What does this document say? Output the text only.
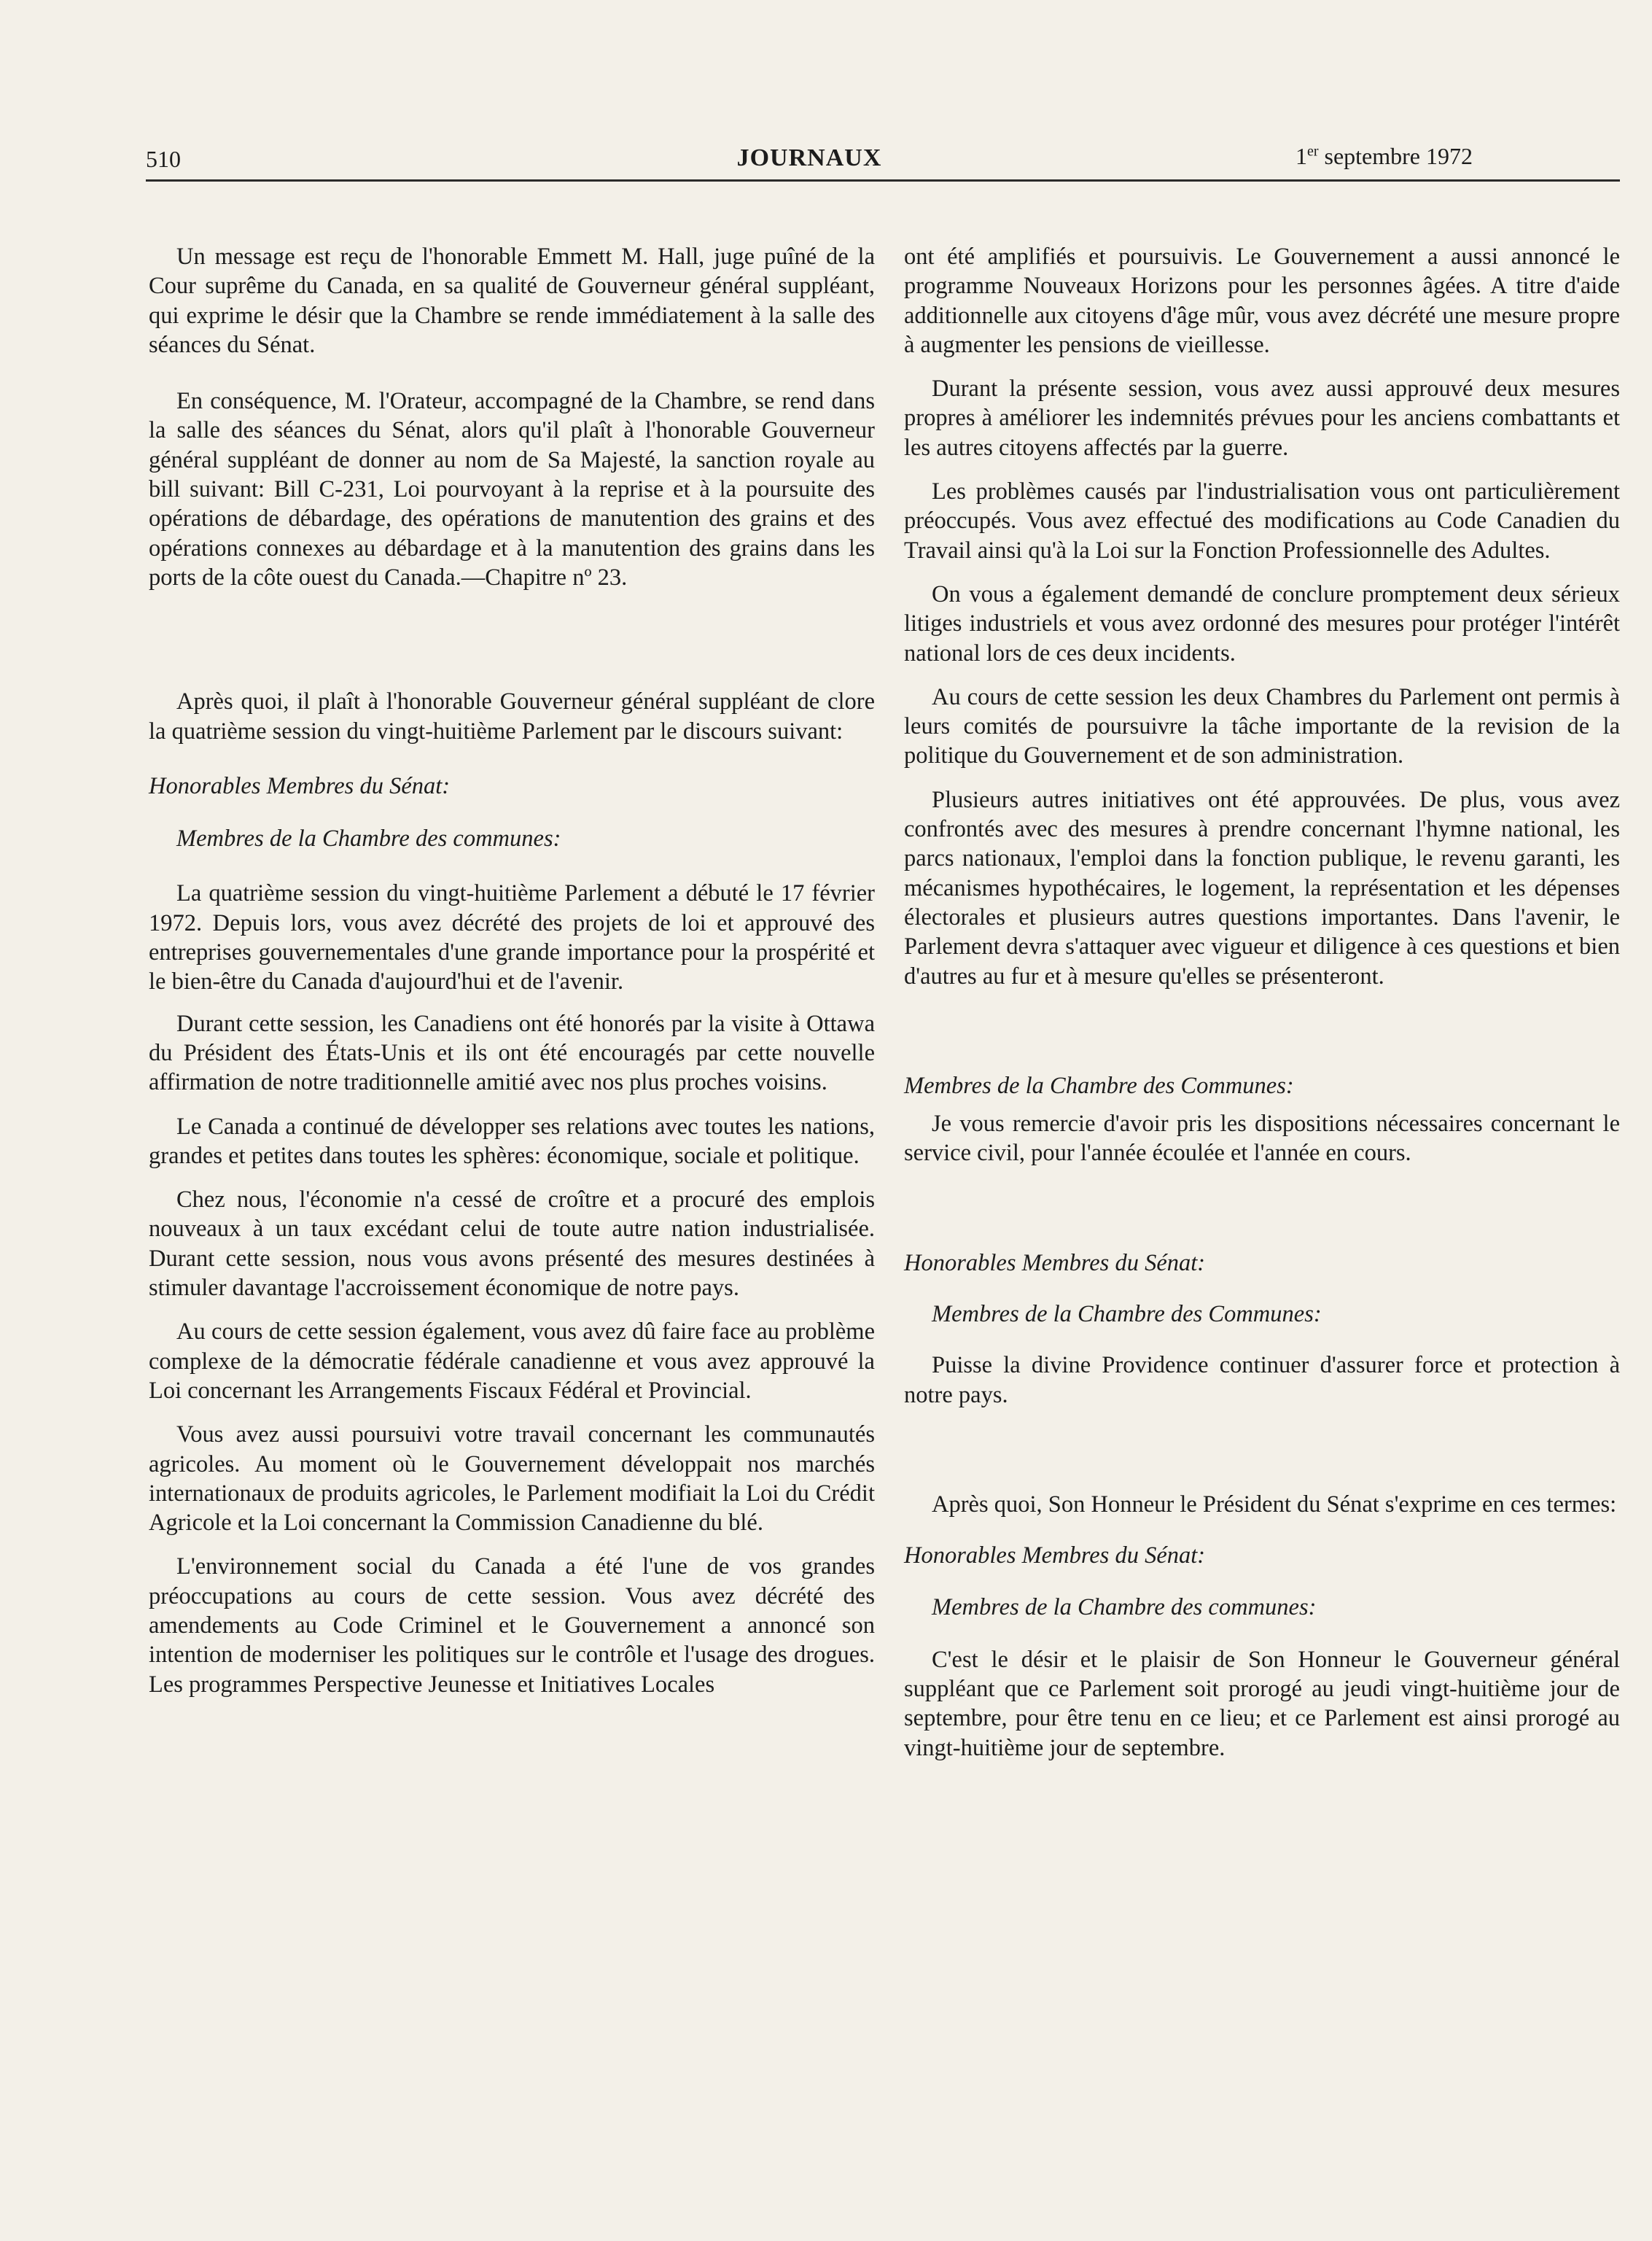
510	JOURNAUX	1er septembre 1972

Un message est reçu de l'honorable Emmett M. Hall, juge puîné de la Cour suprême du Canada, en sa qualité de Gouverneur général suppléant, qui exprime le désir que la Chambre se rende immédiatement à la salle des séances du Sénat.

En conséquence, M. l'Orateur, accompagné de la Chambre, se rend dans la salle des séances du Sénat, alors qu'il plaît à l'honorable Gouverneur général suppléant de donner au nom de Sa Majesté, la sanction royale au bill suivant: Bill C-231, Loi pourvoyant à la reprise et à la poursuite des opérations de débardage, des opérations de manutention des grains et des opérations connexes au débardage et à la manutention des grains dans les ports de la côte ouest du Canada.—Chapitre nº 23.

Après quoi, il plaît à l'honorable Gouverneur général suppléant de clore la quatrième session du vingt-huitième Parlement par le discours suivant:

Honorables Membres du Sénat:

Membres de la Chambre des communes:

La quatrième session du vingt-huitième Parlement a débuté le 17 février 1972. Depuis lors, vous avez décrété des projets de loi et approuvé des entreprises gouvernementales d'une grande importance pour la prospérité et le bien-être du Canada d'aujourd'hui et de l'avenir.

Durant cette session, les Canadiens ont été honorés par la visite à Ottawa du Président des États-Unis et ils ont été encouragés par cette nouvelle affirmation de notre traditionnelle amitié avec nos plus proches voisins.

Le Canada a continué de développer ses relations avec toutes les nations, grandes et petites dans toutes les sphères: économique, sociale et politique.

Chez nous, l'économie n'a cessé de croître et a procuré des emplois nouveaux à un taux excédant celui de toute autre nation industrialisée. Durant cette session, nous vous avons présenté des mesures destinées à stimuler davantage l'accroissement économique de notre pays.

Au cours de cette session également, vous avez dû faire face au problème complexe de la démocratie fédérale canadienne et vous avez approuvé la Loi concernant les Arrangements Fiscaux Fédéral et Provincial.

Vous avez aussi poursuivi votre travail concernant les communautés agricoles. Au moment où le Gouvernement développait nos marchés internationaux de produits agricoles, le Parlement modifiait la Loi du Crédit Agricole et la Loi concernant la Commission Canadienne du blé.

L'environnement social du Canada a été l'une de vos grandes préoccupations au cours de cette session. Vous avez décrété des amendements au Code Criminel et le Gouvernement a annoncé son intention de moderniser les politiques sur le contrôle et l'usage des drogues. Les programmes Perspective Jeunesse et Initiatives Locales

ont été amplifiés et poursuivis. Le Gouvernement a aussi annoncé le programme Nouveaux Horizons pour les personnes âgées. A titre d'aide additionnelle aux citoyens d'âge mûr, vous avez décrété une mesure propre à augmenter les pensions de vieillesse.

Durant la présente session, vous avez aussi approuvé deux mesures propres à améliorer les indemnités prévues pour les anciens combattants et les autres citoyens affectés par la guerre.

Les problèmes causés par l'industrialisation vous ont particulièrement préoccupés. Vous avez effectué des modifications au Code Canadien du Travail ainsi qu'à la Loi sur la Fonction Professionnelle des Adultes.

On vous a également demandé de conclure promptement deux sérieux litiges industriels et vous avez ordonné des mesures pour protéger l'intérêt national lors de ces deux incidents.

Au cours de cette session les deux Chambres du Parlement ont permis à leurs comités de poursuivre la tâche importante de la revision de la politique du Gouvernement et de son administration.

Plusieurs autres initiatives ont été approuvées. De plus, vous avez confrontés avec des mesures à prendre concernant l'hymne national, les parcs nationaux, l'emploi dans la fonction publique, le revenu garanti, les mécanismes hypothécaires, le logement, la représentation et les dépenses électorales et plusieurs autres questions importantes. Dans l'avenir, le Parlement devra s'attaquer avec vigueur et diligence à ces questions et bien d'autres au fur et à mesure qu'elles se présenteront.

Membres de la Chambre des Communes:

Je vous remercie d'avoir pris les dispositions nécessaires concernant le service civil, pour l'année écoulée et l'année en cours.

Honorables Membres du Sénat:

Membres de la Chambre des Communes:

Puisse la divine Providence continuer d'assurer force et protection à notre pays.

Après quoi, Son Honneur le Président du Sénat s'exprime en ces termes:

Honorables Membres du Sénat:

Membres de la Chambre des communes:

C'est le désir et le plaisir de Son Honneur le Gouverneur général suppléant que ce Parlement soit prorogé au jeudi vingt-huitième jour de septembre, pour être tenu en ce lieu; et ce Parlement est ainsi prorogé au vingt-huitième jour de septembre.
